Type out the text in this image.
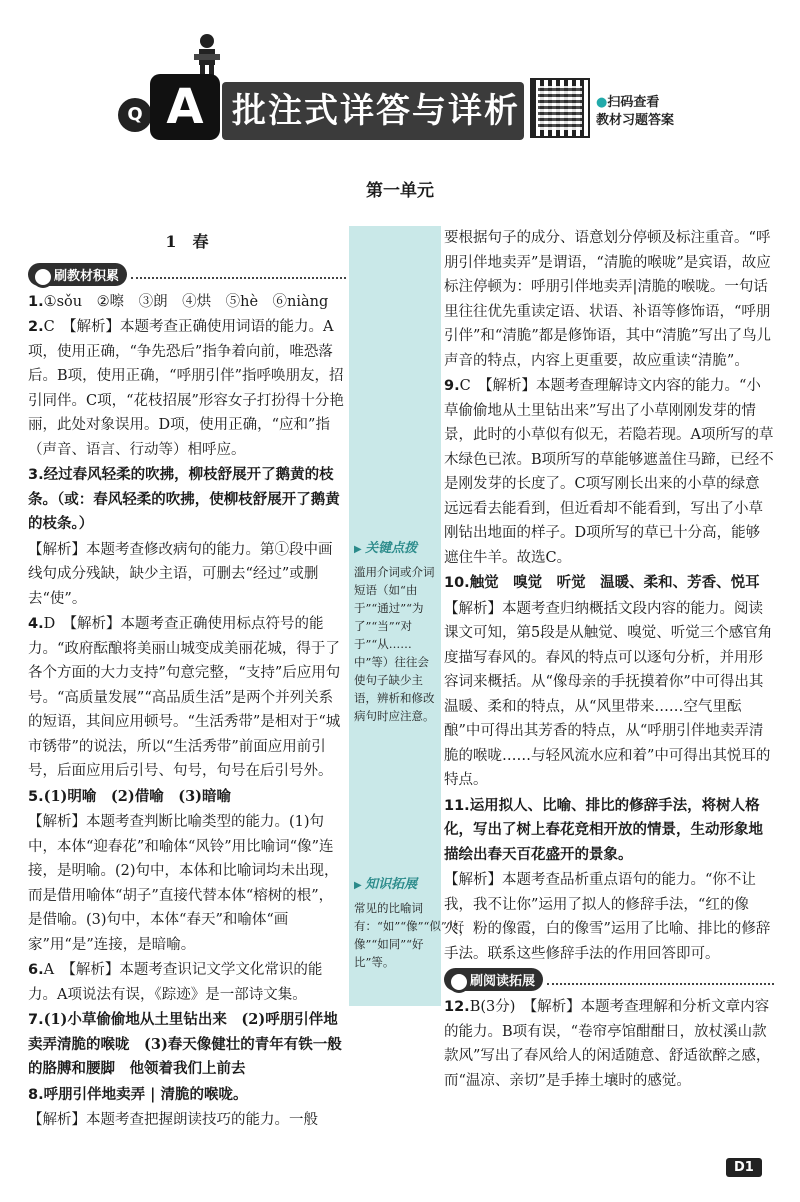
Q A 批注式详答与详析	●扫码查看
教材习题答案
第一单元
▶ 关键点拨
滥用介词或介词短语（如“由于”“通过”“为了”“当”“对于”“从……中”等）往往会使句子缺少主语，辨析和修改病句时应注意。
▶ 知识拓展
常见的比喻词有：“如”“像”“似”“好像”“如同”“好比”等。
1　春
刷教材积累
1.①sǒu　②嚓　③朗　④烘　⑤hè　⑥niàng
2.C　【解析】本题考查正确使用词语的能力。A项，使用正确，“争先恐后”指争着向前，唯恐落后。B项，使用正确，“呼朋引伴”指呼唤朋友，招引同伴。C项，“花枝招展”形容女子打扮得十分艳丽，此处对象误用。D项，使用正确，“应和”指（声音、语言、行动等）相呼应。
3.经过春风轻柔的吹拂，柳枝舒展开了鹅黄的枝条。（或：春风轻柔的吹拂，使柳枝舒展开了鹅黄的枝条。）
【解析】本题考查修改病句的能力。第①段中画线句成分残缺，缺少主语，可删去“经过”或删去“使”。
4.D　【解析】本题考查正确使用标点符号的能力。“政府酝酿将美丽山城变成美丽花城，得于了各个方面的大力支持”句意完整，“支持”后应用句号。“高质量发展”“高品质生活”是两个并列关系的短语，其间应用顿号。“生活秀带”是相对于“城市锈带”的说法，所以“生活秀带”前面应用前引号，后面应用后引号、句号，句号在后引号外。
5.(1)明喻　(2)借喻　(3)暗喻
【解析】本题考查判断比喻类型的能力。(1)句中，本体“迎春花”和喻体“风铃”用比喻词“像”连接，是明喻。(2)句中，本体和比喻词均未出现，而是借用喻体“胡子”直接代替本体“榕树的根”，是借喻。(3)句中，本体“春天”和喻体“画家”用“是”连接，是暗喻。
6.A　【解析】本题考查识记文学文化常识的能力。A项说法有误，《踪迹》是一部诗文集。
7.(1)小草偷偷地从土里钻出来　(2)呼朋引伴地卖弄清脆的喉咙　(3)春天像健壮的青年有铁一般的胳膊和腰脚　他领着我们上前去
8.呼朋引伴地卖弄 | 清脆的喉咙。
【解析】本题考查把握朗读技巧的能力。一般
要根据句子的成分、语意划分停顿及标注重音。“呼朋引伴地卖弄”是谓语，“清脆的喉咙”是宾语，故应标注停顿为：呼朋引伴地卖弄|清脆的喉咙。一句话里往往优先重读定语、状语、补语等修饰语，“呼朋引伴”和“清脆”都是修饰语，其中“清脆”写出了鸟儿声音的特点，内容上更重要，故应重读“清脆”。
9.C　【解析】本题考查理解诗文内容的能力。“小草偷偷地从土里钻出来”写出了小草刚刚发芽的情景，此时的小草似有似无，若隐若现。A项所写的草木绿色已浓。B项所写的草能够遮盖住马蹄，已经不是刚发芽的长度了。C项写刚长出来的小草的绿意远远看去能看到，但近看却不能看到，写出了小草刚钻出地面的样子。D项所写的草已十分高，能够遮住牛羊。故选C。
10.触觉　嗅觉　听觉　温暖、柔和、芳香、悦耳
【解析】本题考查归纳概括文段内容的能力。阅读课文可知，第5段是从触觉、嗅觉、听觉三个感官角度描写春风的。春风的特点可以逐句分析，并用形容词来概括。从“像母亲的手抚摸着你”中可得出其温暖、柔和的特点，从“风里带来……空气里酝酿”中可得出其芳香的特点，从“呼朋引伴地卖弄清脆的喉咙……与轻风流水应和着”中可得出其悦耳的特点。
11.运用拟人、比喻、排比的修辞手法，将树人格化，写出了树上春花竞相开放的情景，生动形象地描绘出春天百花盛开的景象。
【解析】本题考查品析重点语句的能力。“你不让我，我不让你”运用了拟人的修辞手法，“红的像火，粉的像霞，白的像雪”运用了比喻、排比的修辞手法。联系这些修辞手法的作用回答即可。
刷阅读拓展
12.B(3分)　【解析】本题考查理解和分析文章内容的能力。B项有误，“卷帘亭馆酣酣日，放杖溪山款款风”写出了春风给人的闲适随意、舒适欲醉之感，而“温凉、亲切”是手捧土壤时的感觉。
D1
